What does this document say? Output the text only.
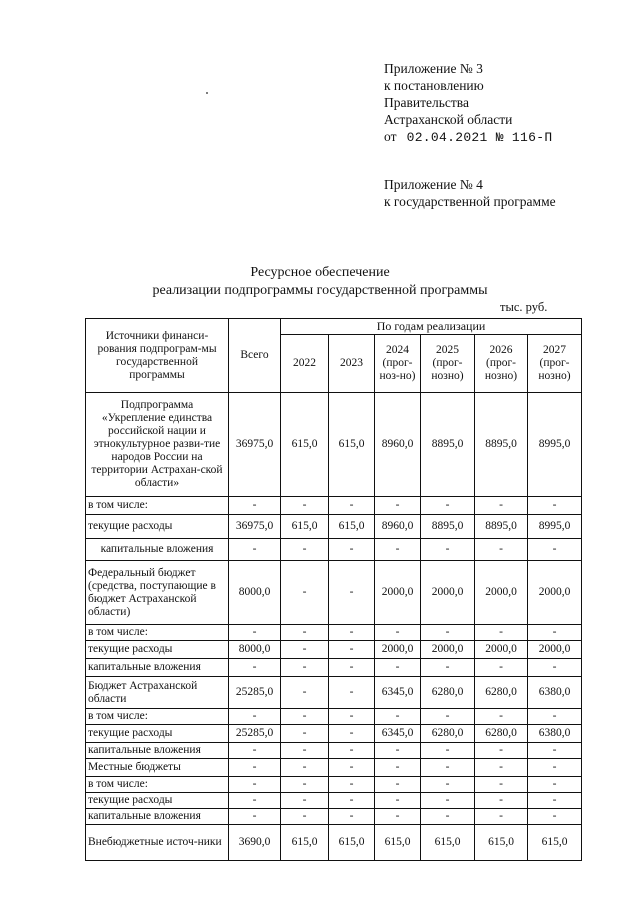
Приложение № 3
к постановлению
Правительства
Астраханской области
от 02.04.2021 № 116-П
Приложение № 4
к государственной программе
Ресурсное обеспечение
реализации подпрограммы государственной программы
тыс. руб.
Источники финанси-рования подпрограм-мы государственной программы	Всего	По годам реализации					
		2022	2023	2024 (прог-ноз-но)	2025 (прог-нозно)	2026 (прог-нозно)	2027 (прог-нозно)
Подпрограмма «Укрепление единства российской нации и этнокультурное разви-тие народов России на территории Астрахан-ской области»	36975,0	615,0	615,0	8960,0	8895,0	8895,0	8995,0
в том числе:	-	-	-	-	-	-	-
текущие расходы	36975,0	615,0	615,0	8960,0	8895,0	8895,0	8995,0
капитальные вложения	-	-	-	-	-	-	-
Федеральный бюджет (средства, поступающие в бюджет Астраханской области)	8000,0	-	-	2000,0	2000,0	2000,0	2000,0
в том числе:	-	-	-	-	-	-	-
текущие расходы	8000,0	-	-	2000,0	2000,0	2000,0	2000,0
капитальные вложения	-	-	-	-	-	-	-
Бюджет Астраханской области	25285,0	-	-	6345,0	6280,0	6280,0	6380,0
в том числе:	-	-	-	-	-	-	-
текущие расходы	25285,0	-	-	6345,0	6280,0	6280,0	6380,0
капитальные вложения	-	-	-	-	-	-	-
Местные бюджеты	-	-	-	-	-	-	-
в том числе:	-	-	-	-	-	-	-
текущие расходы	-	-	-	-	-	-	-
капитальные вложения	-	-	-	-	-	-	-
Внебюджетные источ-ники	3690,0	615,0	615,0	615,0	615,0	615,0	615,0
